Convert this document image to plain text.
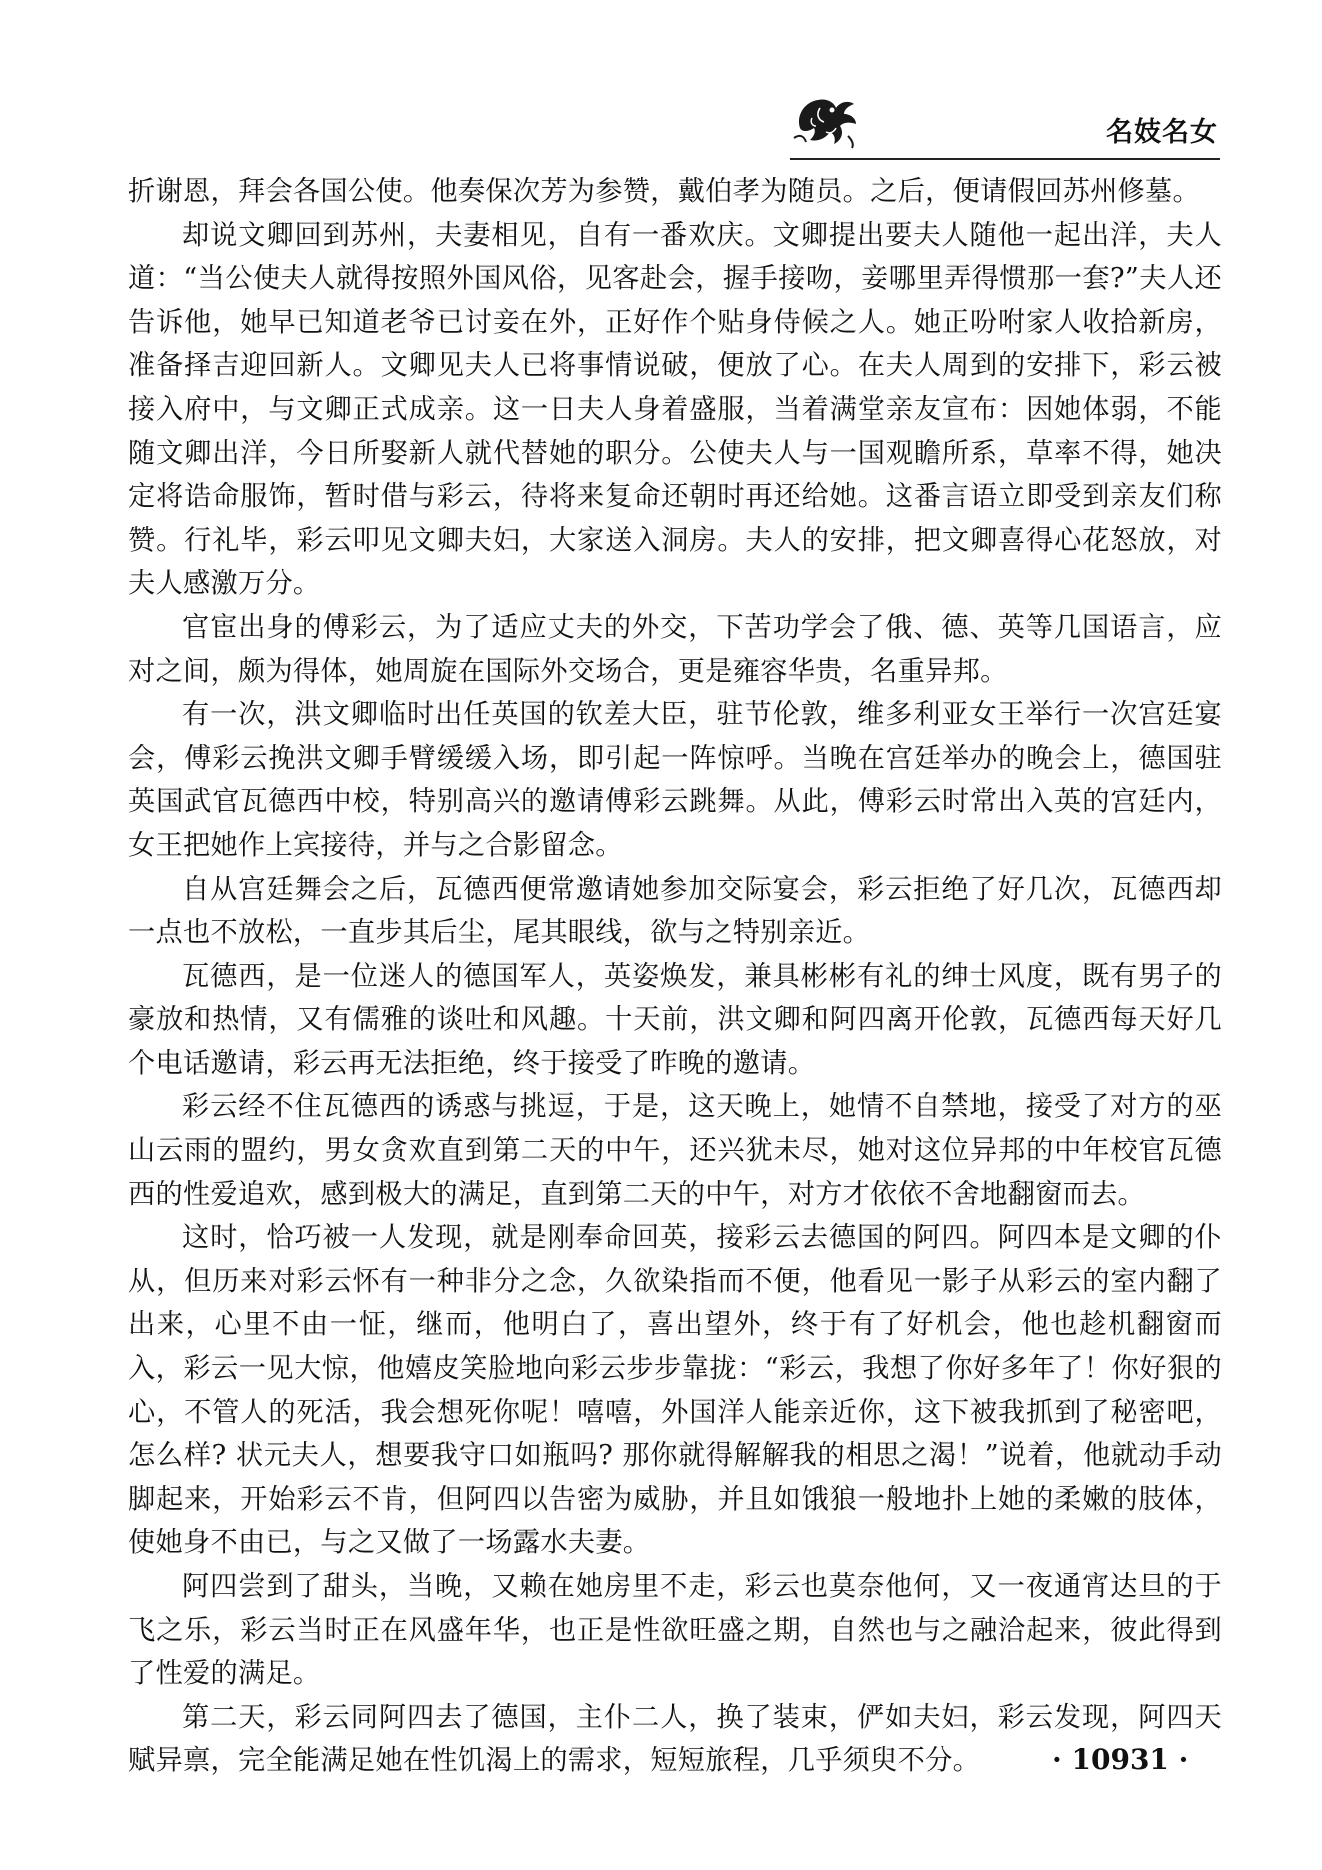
名妓名女

折谢恩，拜会各国公使。他奏保次芳为参赞，戴伯孝为随员。之后，便请假回苏州修墓。

却说文卿回到苏州，夫妻相见，自有一番欢庆。文卿提出要夫人随他一起出洋，夫人道：“当公使夫人就得按照外国风俗，见客赴会，握手接吻，妾哪里弄得惯那一套?”夫人还告诉他，她早已知道老爷已讨妾在外，正好作个贴身侍候之人。她正吩咐家人收拾新房，准备择吉迎回新人。文卿见夫人已将事情说破，便放了心。在夫人周到的安排下，彩云被接入府中，与文卿正式成亲。这一日夫人身着盛服，当着满堂亲友宣布：因她体弱，不能随文卿出洋，今日所娶新人就代替她的职分。公使夫人与一国观瞻所系，草率不得，她决定将诰命服饰，暂时借与彩云，待将来复命还朝时再还给她。这番言语立即受到亲友们称赞。行礼毕，彩云叩见文卿夫妇，大家送入洞房。夫人的安排，把文卿喜得心花怒放，对夫人感激万分。

官宦出身的傅彩云，为了适应丈夫的外交，下苦功学会了俄、德、英等几国语言，应对之间，颇为得体，她周旋在国际外交场合，更是雍容华贵，名重异邦。

有一次，洪文卿临时出任英国的钦差大臣，驻节伦敦，维多利亚女王举行一次宫廷宴会，傅彩云挽洪文卿手臂缓缓入场，即引起一阵惊呼。当晚在宫廷举办的晚会上，德国驻英国武官瓦德西中校，特别高兴的邀请傅彩云跳舞。从此，傅彩云时常出入英的宫廷内，女王把她作上宾接待，并与之合影留念。

自从宫廷舞会之后，瓦德西便常邀请她参加交际宴会，彩云拒绝了好几次，瓦德西却一点也不放松，一直步其后尘，尾其眼线，欲与之特别亲近。

瓦德西，是一位迷人的德国军人，英姿焕发，兼具彬彬有礼的绅士风度，既有男子的豪放和热情，又有儒雅的谈吐和风趣。十天前，洪文卿和阿四离开伦敦，瓦德西每天好几个电话邀请，彩云再无法拒绝，终于接受了昨晚的邀请。

彩云经不住瓦德西的诱惑与挑逗，于是，这天晚上，她情不自禁地，接受了对方的巫山云雨的盟约，男女贪欢直到第二天的中午，还兴犹未尽，她对这位异邦的中年校官瓦德西的性爱追欢，感到极大的满足，直到第二天的中午，对方才依依不舍地翻窗而去。

这时，恰巧被一人发现，就是刚奉命回英，接彩云去德国的阿四。阿四本是文卿的仆从，但历来对彩云怀有一种非分之念，久欲染指而不便，他看见一影子从彩云的室内翻了出来，心里不由一怔，继而，他明白了，喜出望外，终于有了好机会，他也趁机翻窗而入，彩云一见大惊，他嬉皮笑脸地向彩云步步靠拢：“彩云，我想了你好多年了！你好狠的心，不管人的死活，我会想死你呢！嘻嘻，外国洋人能亲近你，这下被我抓到了秘密吧，怎么样? 状元夫人，想要我守口如瓶吗? 那你就得解解我的相思之渴！”说着，他就动手动脚起来，开始彩云不肯，但阿四以告密为威胁，并且如饿狼一般地扑上她的柔嫩的肢体，使她身不由已，与之又做了一场露水夫妻。

阿四尝到了甜头，当晚，又赖在她房里不走，彩云也莫奈他何，又一夜通宵达旦的于飞之乐，彩云当时正在风盛年华，也正是性欲旺盛之期，自然也与之融洽起来，彼此得到了性爱的满足。

第二天，彩云同阿四去了德国，主仆二人，换了装束，俨如夫妇，彩云发现，阿四天赋异禀，完全能满足她在性饥渴上的需求，短短旅程，几乎须臾不分。	· 10931 ·
